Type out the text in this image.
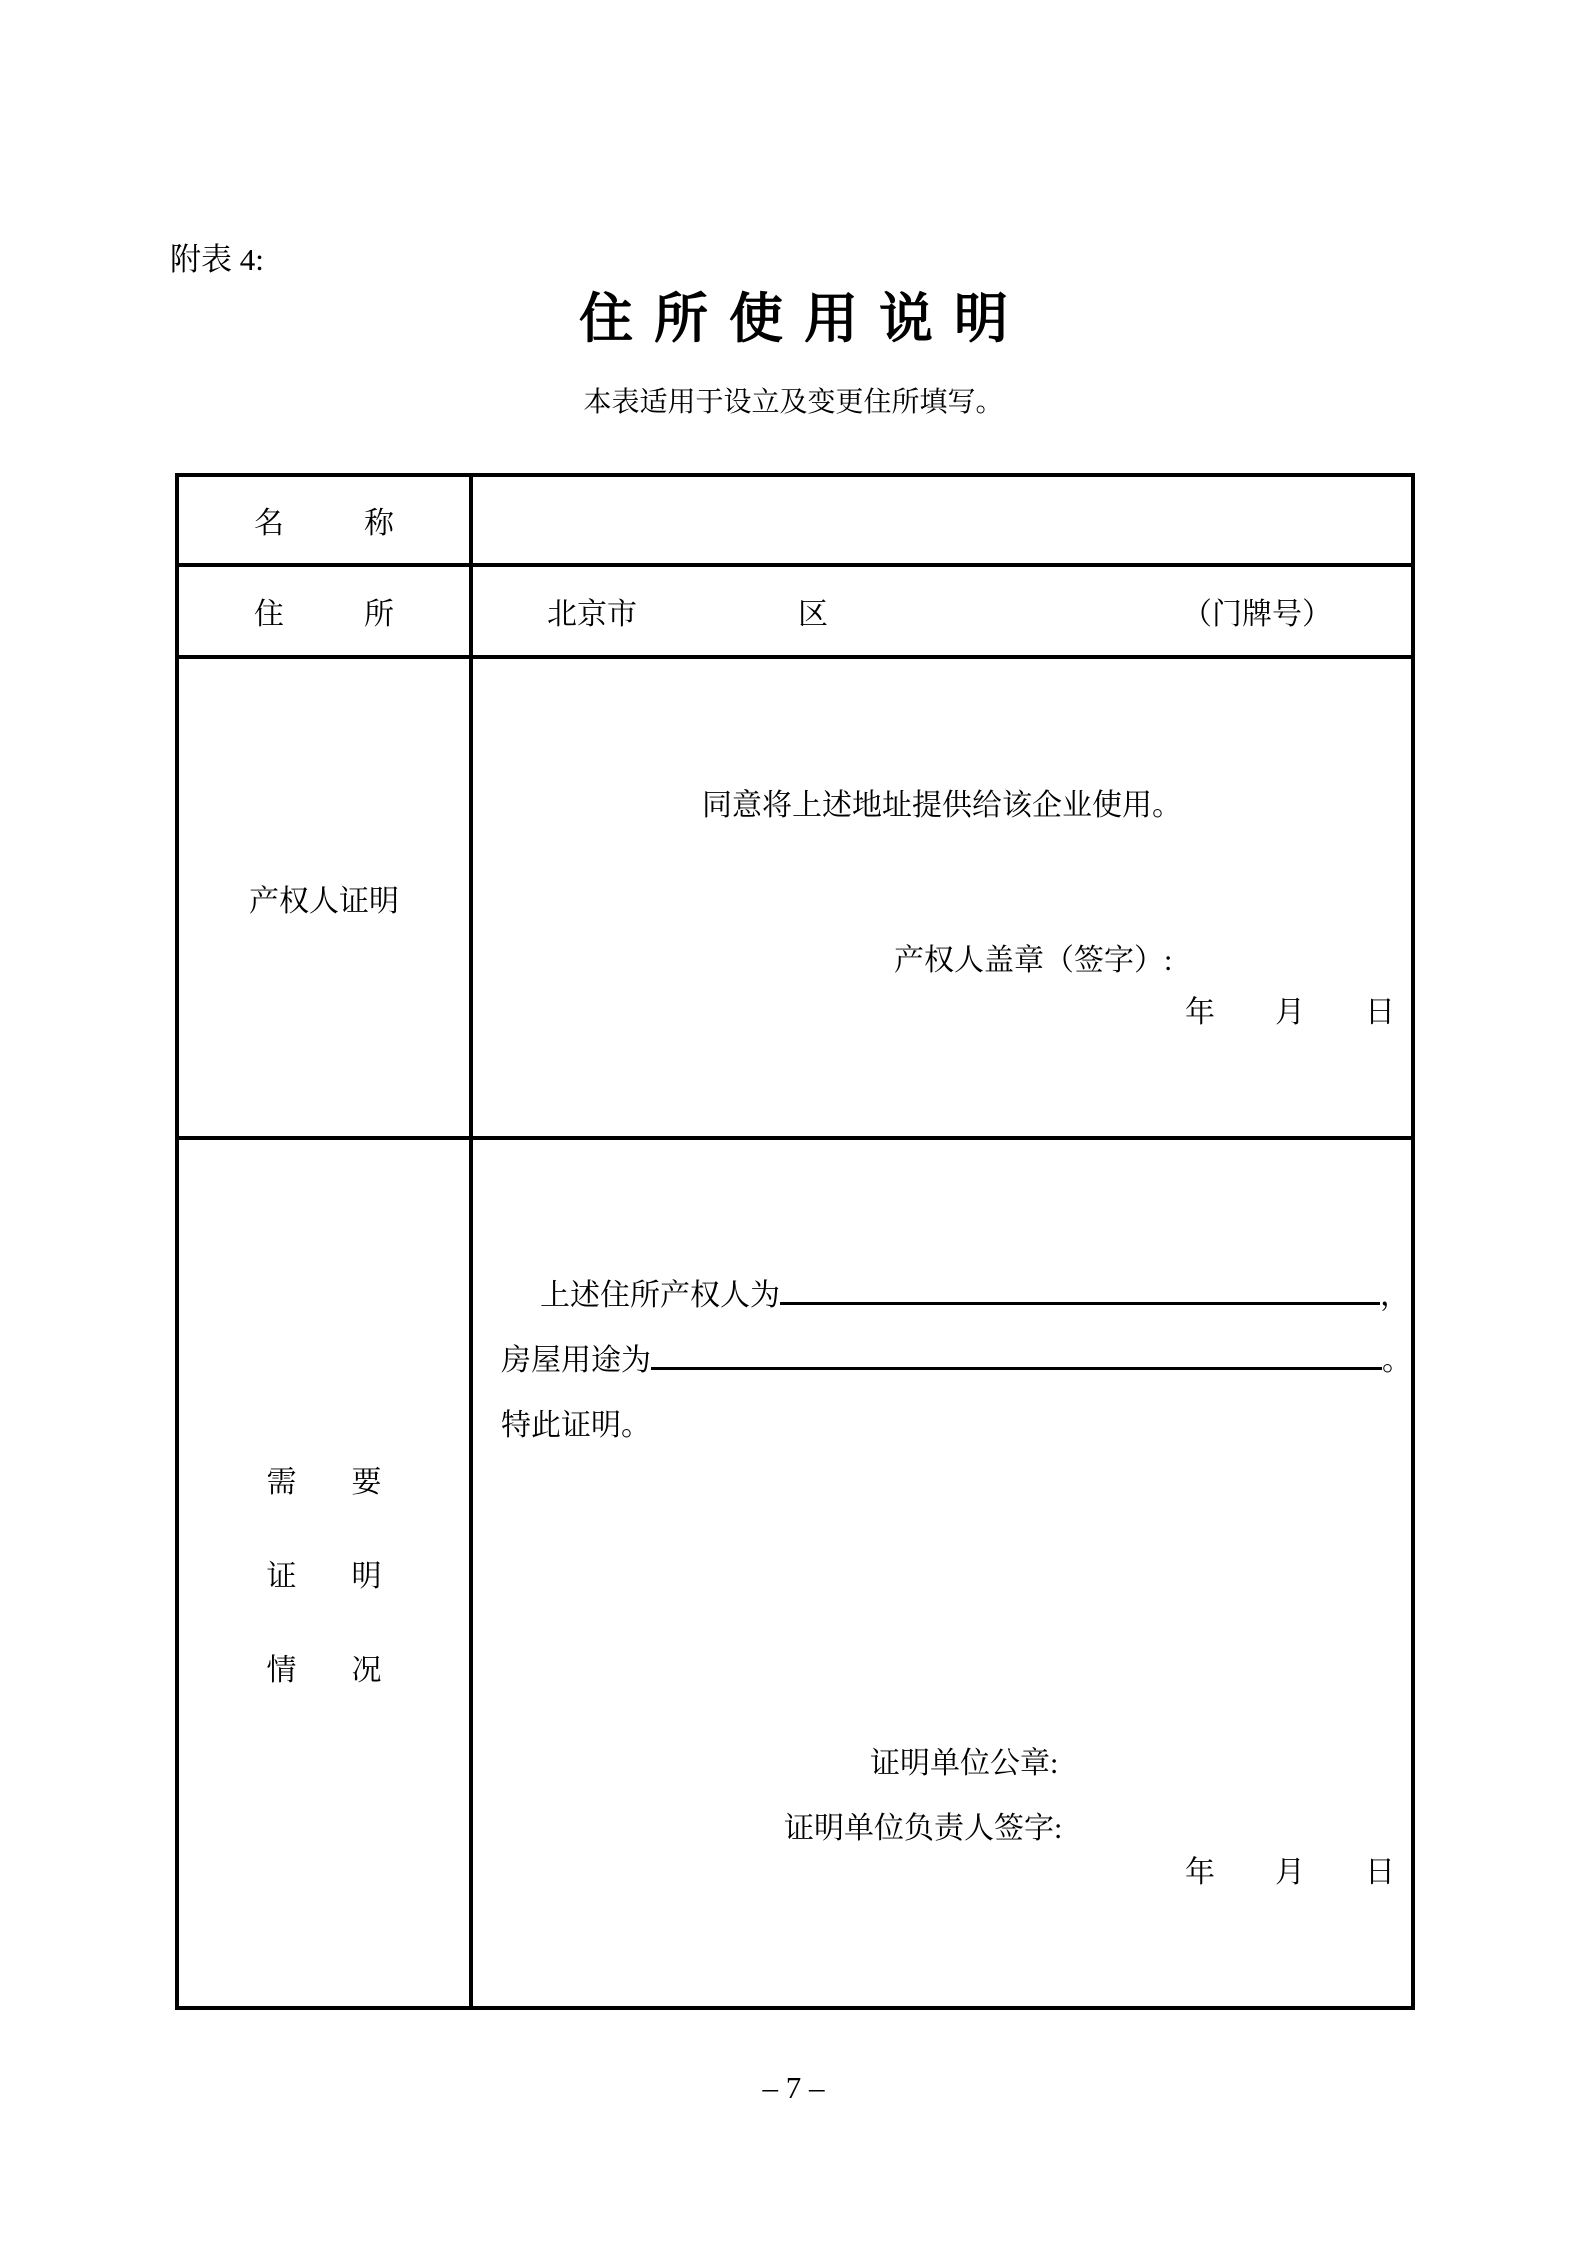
附表 4:
住所使用说明
本表适用于设立及变更住所填写。
名	称
住	所	北京市	区	（门牌号）
产权人证明
同意将上述地址提供给该企业使用。
产权人盖章（签字）:
年 月 日
需 要
证 明
情 况
上述住所产权人为	，
房屋用途为	。
特此证明。
证明单位公章:
证明单位负责人签字:
年 月 日
– 7 –
